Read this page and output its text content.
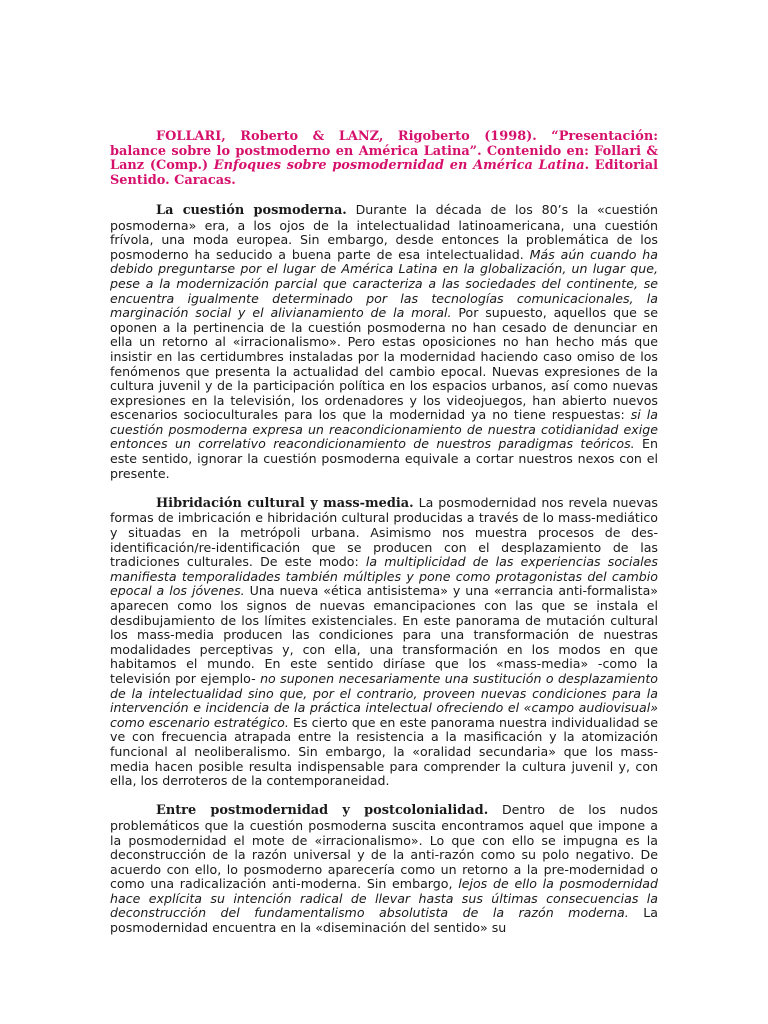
FOLLARI, Roberto & LANZ, Rigoberto (1998). “Presentación: balance sobre lo postmoderno en América Latina”. Contenido en: Follari & Lanz (Comp.) Enfoques sobre posmodernidad en América Latina. Editorial Sentido. Caracas.

La cuestión posmoderna. Durante la década de los 80’s la «cuestión posmoderna» era, a los ojos de la intelectualidad latinoamericana, una cuestión frívola, una moda europea. Sin embargo, desde entonces la problemática de los posmoderno ha seducido a buena parte de esa intelectualidad. Más aún cuando ha debido preguntarse por el lugar de América Latina en la globalización, un lugar que, pese a la modernización parcial que caracteriza a las sociedades del continente, se encuentra igualmente determinado por las tecnologías comunicacionales, la marginación social y el alivianamiento de la moral. Por supuesto, aquellos que se oponen a la pertinencia de la cuestión posmoderna no han cesado de denunciar en ella un retorno al «irracionalismo». Pero estas oposiciones no han hecho más que insistir en las certidumbres instaladas por la modernidad haciendo caso omiso de los fenómenos que presenta la actualidad del cambio epocal. Nuevas expresiones de la cultura juvenil y de la participación política en los espacios urbanos, así como nuevas expresiones en la televisión, los ordenadores y los videojuegos, han abierto nuevos escenarios socioculturales para los que la modernidad ya no tiene respuestas: si la cuestión posmoderna expresa un reacondicionamiento de nuestra cotidianidad exige entonces un correlativo reacondicionamiento de nuestros paradigmas teóricos. En este sentido, ignorar la cuestión posmoderna equivale a cortar nuestros nexos con el presente.

Hibridación cultural y mass-media. La posmodernidad nos revela nuevas formas de imbricación e hibridación cultural producidas a través de lo mass-mediático y situadas en la metrópoli urbana. Asimismo nos muestra procesos de des-identificación/re-identificación que se producen con el desplazamiento de las tradiciones culturales. De este modo: la multiplicidad de las experiencias sociales manifiesta temporalidades también múltiples y pone como protagonistas del cambio epocal a los jóvenes. Una nueva «ética antisistema» y una «errancia anti-formalista» aparecen como los signos de nuevas emancipaciones con las que se instala el desdibujamiento de los límites existenciales. En este panorama de mutación cultural los mass-media producen las condiciones para una transformación de nuestras modalidades perceptivas y, con ella, una transformación en los modos en que habitamos el mundo. En este sentido diríase que los «mass-media» -como la televisión por ejemplo- no suponen necesariamente una sustitución o desplazamiento de la intelectualidad sino que, por el contrario, proveen nuevas condiciones para la intervención e incidencia de la práctica intelectual ofreciendo el «campo audiovisual» como escenario estratégico. Es cierto que en este panorama nuestra individualidad se ve con frecuencia atrapada entre la resistencia a la masificación y la atomización funcional al neoliberalismo. Sin embargo, la «oralidad secundaria» que los mass-media hacen posible resulta indispensable para comprender la cultura juvenil y, con ella, los derroteros de la contemporaneidad.

Entre postmodernidad y postcolonialidad. Dentro de los nudos problemáticos que la cuestión posmoderna suscita encontramos aquel que impone a la posmodernidad el mote de «irracionalismo». Lo que con ello se impugna es la deconstrucción de la razón universal y de la anti-razón como su polo negativo. De acuerdo con ello, lo posmoderno aparecería como un retorno a la pre-modernidad o como una radicalización anti-moderna. Sin embargo, lejos de ello la posmodernidad hace explícita su intención radical de llevar hasta sus últimas consecuencias la deconstrucción del fundamentalismo absolutista de la razón moderna. La posmodernidad encuentra en la «diseminación del sentido» su
